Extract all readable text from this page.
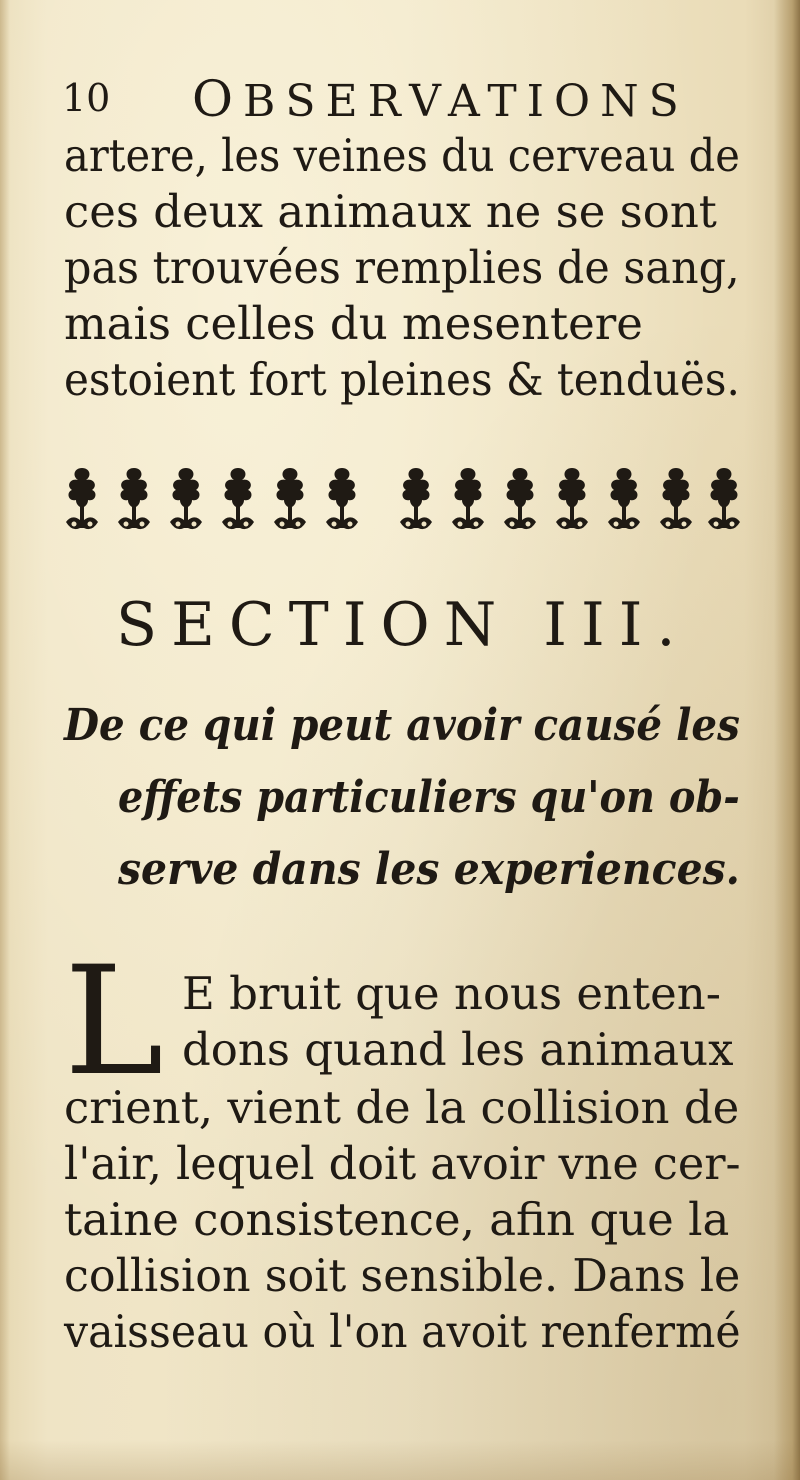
10 OBSERVATIONS
artere, les veines du cerveau de
ces deux animaux ne se sont
pas trouvées remplies de sang,
mais celles du mesentere
estoient fort pleines & tenduës.
SECTION III.
De ce qui peut avoir causé les
effets particuliers qu'on ob-
serve dans les experiences.
L E bruit que nous enten-
dons quand les animaux
crient, vient de la collision de
l'air, lequel doit avoir vne cer-
taine consistence, afin que la
collision soit sensible. Dans le
vaisseau où l'on avoit renfermé
